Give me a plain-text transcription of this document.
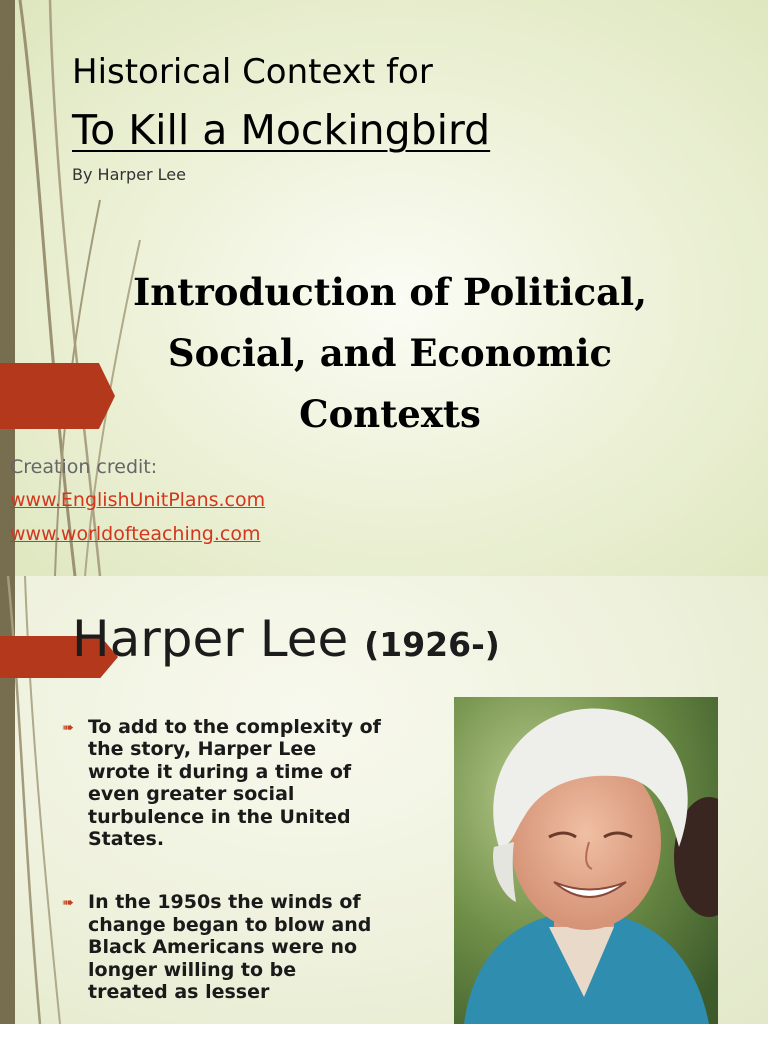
Historical Context for
To Kill a Mockingbird
By Harper Lee
Introduction of Political,
Social, and Economic
Contexts
Creation credit:
www.EnglishUnitPlans.com
www.worldofteaching.com
Harper Lee (1926-)
➠ To add to the complexity of the story, Harper Lee wrote it during a time of even greater social turbulence in the United States.
➠ In the 1950s the winds of change began to blow and Black Americans were no longer willing to be treated as lesser
